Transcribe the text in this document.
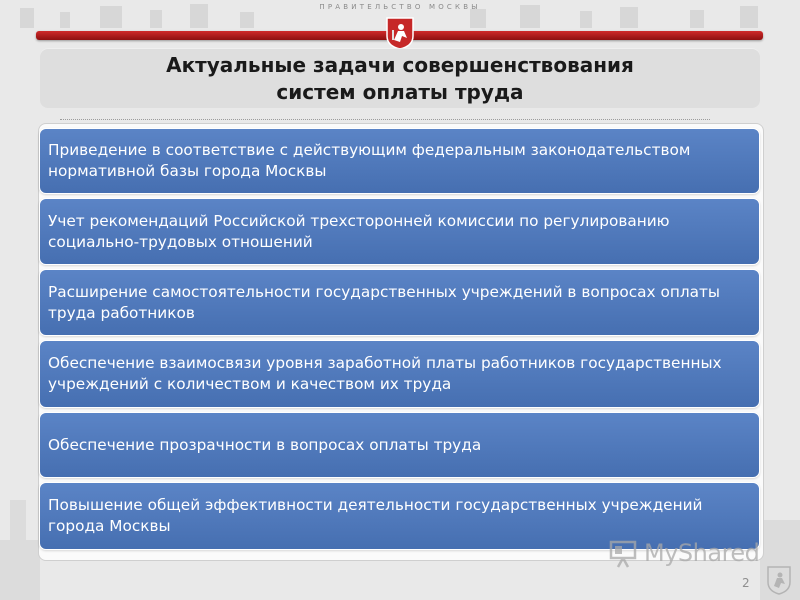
ПРАВИТЕЛЬСТВО МОСКВЫ
Актуальные задачи совершенствования
систем оплаты труда
Приведение в соответствие с действующим федеральным законодательством нормативной базы города Москвы
Учет рекомендаций Российской трехсторонней комиссии по регулированию социально-трудовых отношений
Расширение самостоятельности государственных учреждений в вопросах оплаты труда работников
Обеспечение взаимосвязи уровня заработной платы работников государственных учреждений с количеством и качеством их труда
Обеспечение прозрачности в вопросах оплаты труда
Повышение общей эффективности деятельности государственных учреждений города Москвы
MyShared
2
